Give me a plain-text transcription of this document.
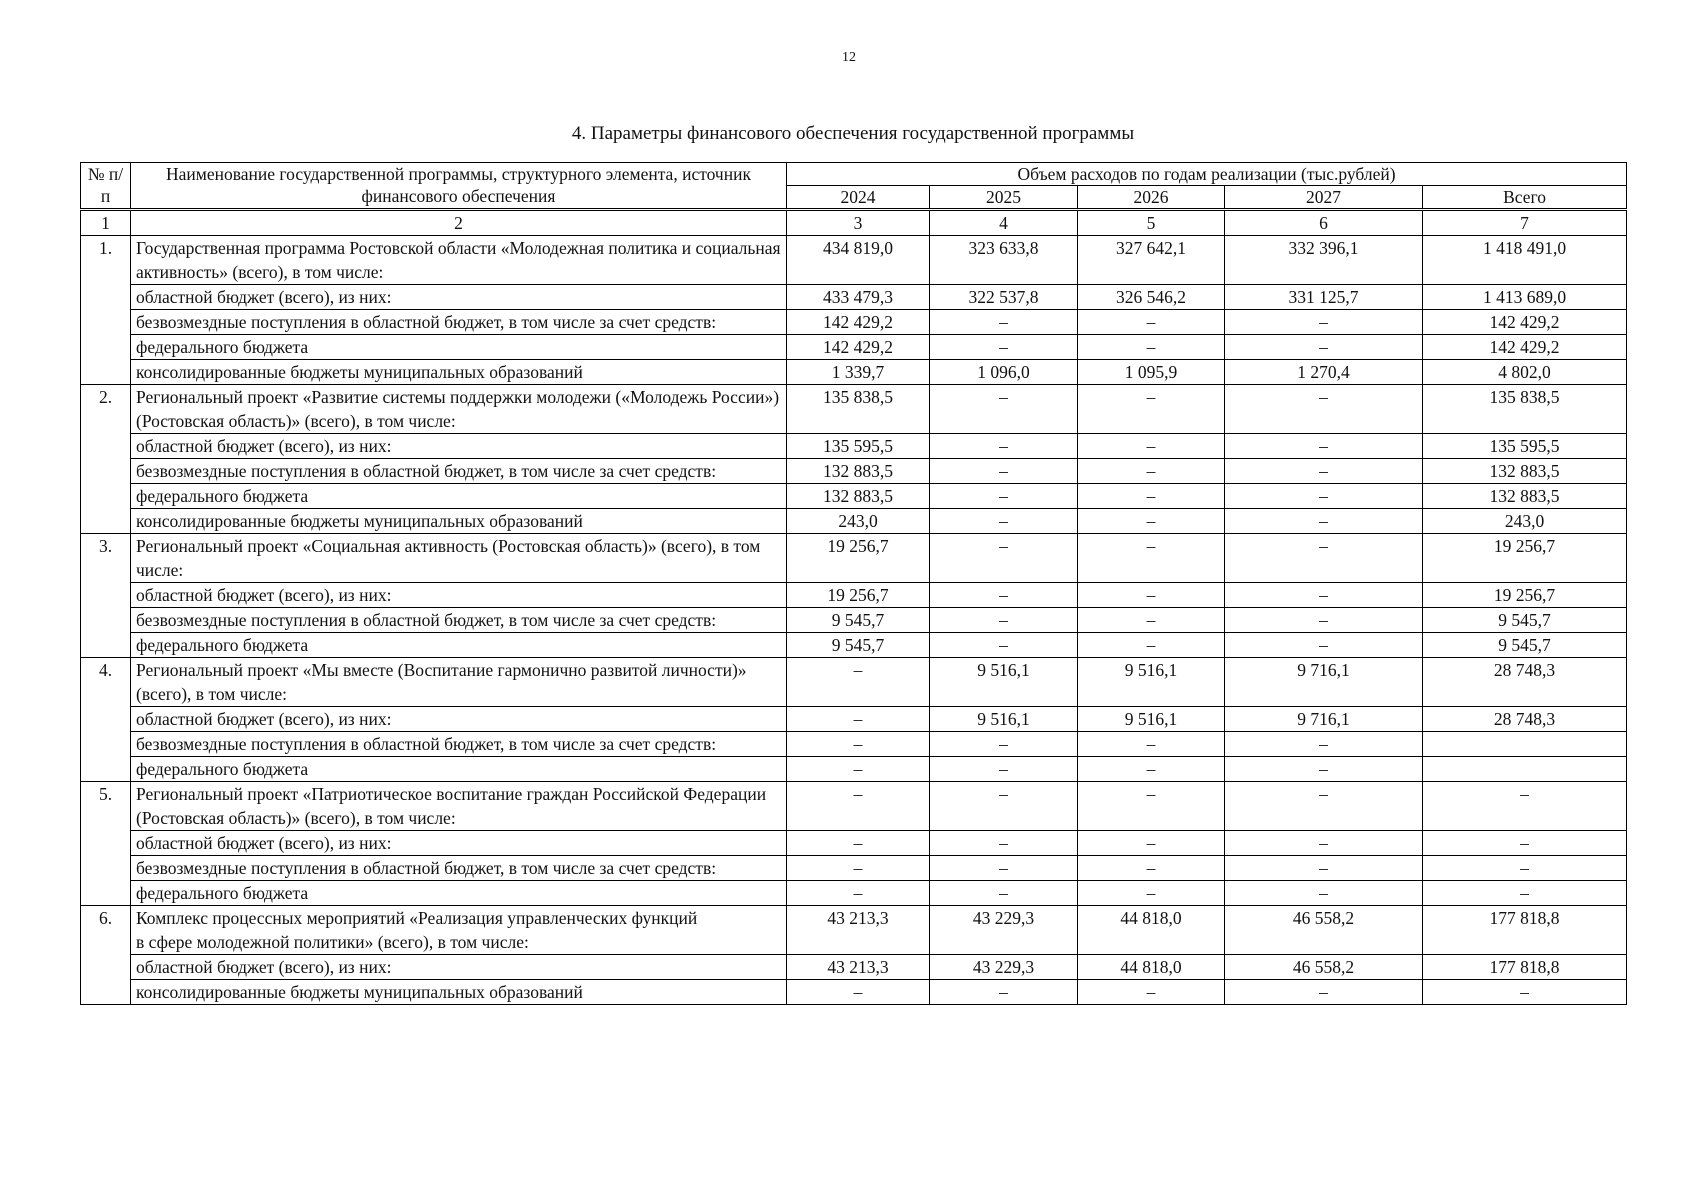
12
4. Параметры финансового обеспечения государственной программы
№ п/п	Наименование государственной программы, структурного элемента, источник финансового обеспечения	Объем расходов по годам реализации (тыс.рублей)				
		2024	2025	2026	2027	Всего
1	2	3	4	5	6	7
1.	Государственная программа Ростовской области «Молодежная политика и социальная активность» (всего), в том числе:	434 819,0	323 633,8	327 642,1	332 396,1	1 418 491,0
	областной бюджет (всего), из них:	433 479,3	322 537,8	326 546,2	331 125,7	1 413 689,0
	безвозмездные поступления в областной бюджет, в том числе за счет средств:	142 429,2	–	–	–	142 429,2
	федерального бюджета	142 429,2	–	–	–	142 429,2
	консолидированные бюджеты муниципальных образований	1 339,7	1 096,0	1 095,9	1 270,4	4 802,0
2.	Региональный проект «Развитие системы поддержки молодежи («Молодежь России») (Ростовская область)» (всего), в том числе:	135 838,5	–	–	–	135 838,5
	областной бюджет (всего), из них:	135 595,5	–	–	–	135 595,5
	безвозмездные поступления в областной бюджет, в том числе за счет средств:	132 883,5	–	–	–	132 883,5
	федерального бюджета	132 883,5	–	–	–	132 883,5
	консолидированные бюджеты муниципальных образований	243,0	–	–	–	243,0
3.	Региональный проект «Социальная активность (Ростовская область)» (всего), в том числе:	19 256,7	–	–	–	19 256,7
	областной бюджет (всего), из них:	19 256,7	–	–	–	19 256,7
	безвозмездные поступления в областной бюджет, в том числе за счет средств:	9 545,7	–	–	–	9 545,7
	федерального бюджета	9 545,7	–	–	–	9 545,7
4.	Региональный проект «Мы вместе (Воспитание гармонично развитой личности)» (всего), в том числе:	–	9 516,1	9 516,1	9 716,1	28 748,3
	областной бюджет (всего), из них:	–	9 516,1	9 516,1	9 716,1	28 748,3
	безвозмездные поступления в областной бюджет, в том числе за счет средств:	–	–	–	–	
	федерального бюджета	–	–	–	–	
5.	Региональный проект «Патриотическое воспитание граждан Российской Федерации (Ростовская область)» (всего), в том числе:	–	–	–	–	–
	областной бюджет (всего), из них:	–	–	–	–	–
	безвозмездные поступления в областной бюджет, в том числе за счет средств:	–	–	–	–	–
	федерального бюджета	–	–	–	–	–
6.	Комплекс процессных мероприятий «Реализация управленческих функций
в сфере молодежной политики» (всего), в том числе:	43 213,3	43 229,3	44 818,0	46 558,2	177 818,8
	областной бюджет (всего), из них:	43 213,3	43 229,3	44 818,0	46 558,2	177 818,8
	консолидированные бюджеты муниципальных образований	–	–	–	–	–
